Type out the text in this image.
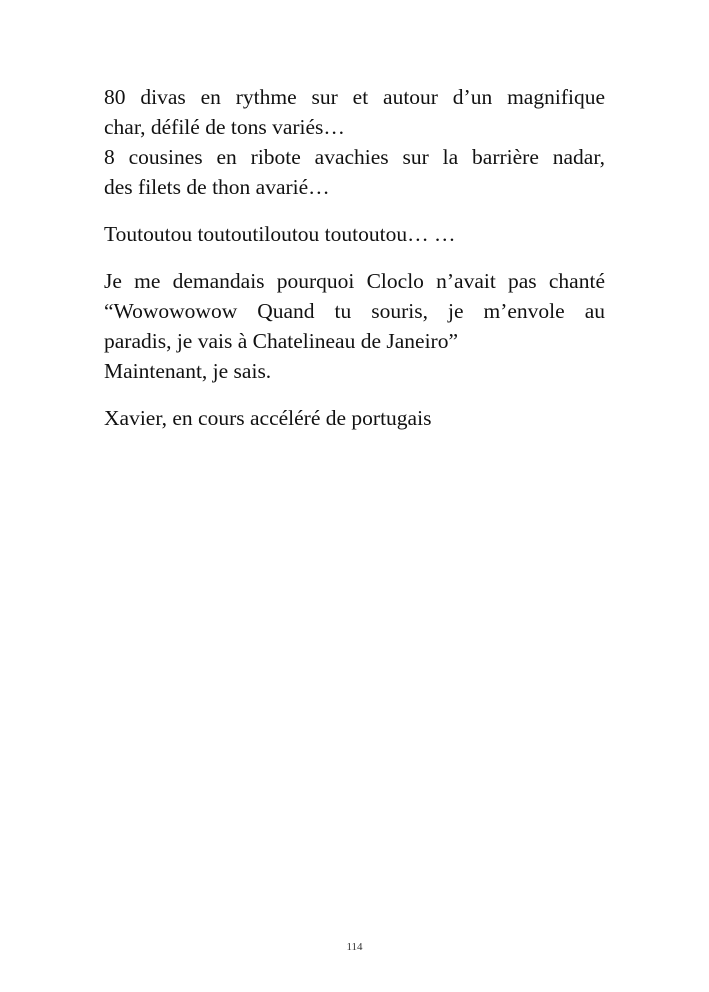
80 divas en rythme sur et autour d’un magnifique
char, défilé de tons variés…
8 cousines en ribote avachies sur la barrière nadar,
des filets de thon avarié…

Toutoutou toutoutiloutou toutoutou… …

Je me demandais pourquoi Cloclo n’avait pas chanté
“Wowowowow Quand tu souris, je m’envole au
paradis, je vais à Chatelineau de Janeiro”
Maintenant, je sais.

Xavier, en cours accéléré de portugais

114
